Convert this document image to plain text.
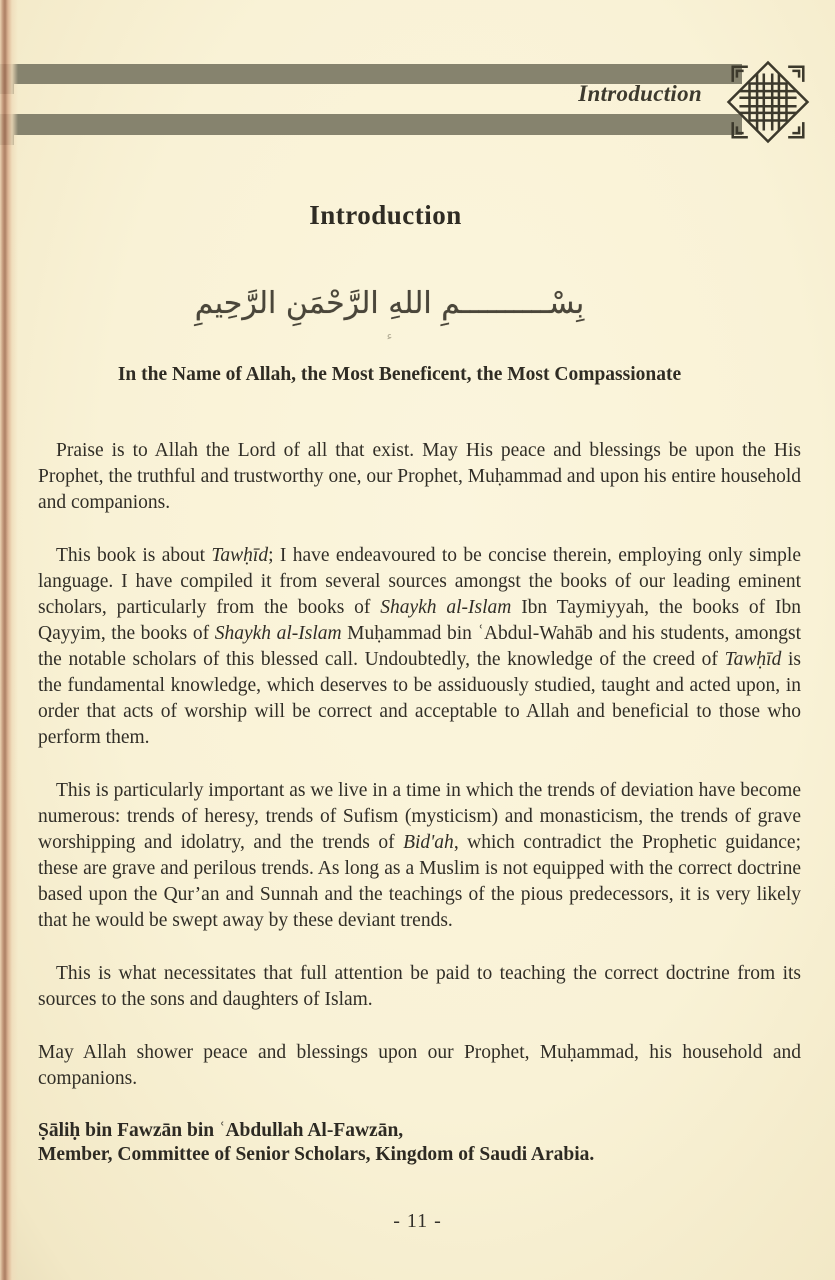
Introduction
Introduction
بِسْــــــــــمِ اللهِ الرَّحْمَنِ الرَّحِيمِ
ء
In the Name of Allah, the Most Beneficent, the Most Compassionate

Praise is to Allah the Lord of all that exist. May His peace and blessings be upon the His Prophet, the truthful and trustworthy one, our Prophet, Muḥammad and upon his entire household and companions.

This book is about Tawḥīd; I have endeavoured to be concise therein, employing only simple language. I have compiled it from several sources amongst the books of our leading eminent scholars, particularly from the books of Shaykh al-Islam Ibn Taymiyyah, the books of Ibn Qayyim, the books of Shaykh al-Islam Muḥammad bin ʿAbdul-Wahāb and his students, amongst the notable scholars of this blessed call. Undoubtedly, the knowledge of the creed of Tawḥīd is the fundamental knowledge, which deserves to be assiduously studied, taught and acted upon, in order that acts of worship will be correct and acceptable to Allah and beneficial to those who perform them.

This is particularly important as we live in a time in which the trends of deviation have become numerous: trends of heresy, trends of Sufism (mysticism) and monasticism, the trends of grave worshipping and idolatry, and the trends of Bid'ah, which contradict the Prophetic guidance; these are grave and perilous trends. As long as a Muslim is not equipped with the correct doctrine based upon the Qur’an and Sunnah and the teachings of the pious predecessors, it is very likely that he would be swept away by these deviant trends.

This is what necessitates that full attention be paid to teaching the correct doctrine from its sources to the sons and daughters of Islam.

May Allah shower peace and blessings upon our Prophet, Muḥammad, his household and companions.

Ṣāliḥ bin Fawzān bin ʿAbdullah Al-Fawzān,
Member, Committee of Senior Scholars, Kingdom of Saudi Arabia.
- 11 -
